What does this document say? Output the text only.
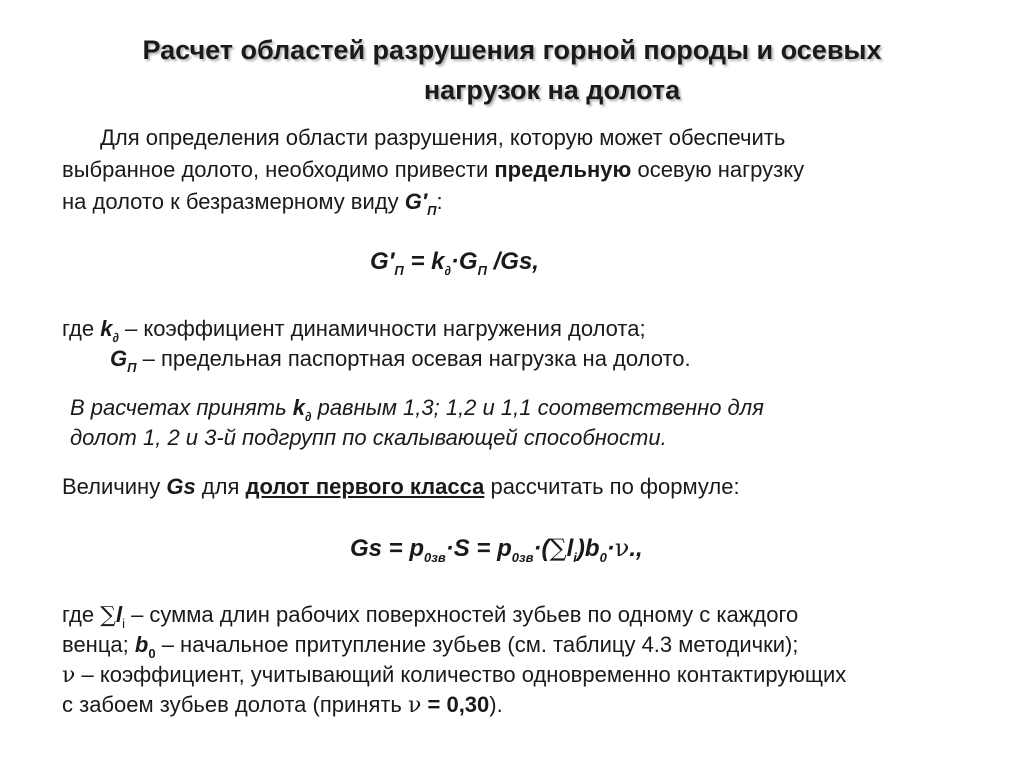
Расчет областей разрушения горной породы и осевых

нагрузок на долота
Для определения области разрушения, которую может обеспечить
выбранное долото, необходимо привести предельную осевую нагрузку
на долото к безразмерному виду $G'_П$:
$G'_П = k_\partial\cdot G_П$ /Gs,
где $k_\partial$ – коэффициент динамичности нагружения долота;
$G_П$ – предельная паспортная осевая нагрузка на долото.
В расчетах принять $k_\partial$ равным 1,3; 1,2 и 1,1 соответственно для
долот 1, 2 и 3-й подгрупп по скалывающей способности.
Величину Gs для долот первого класса рассчитать по формуле:
$Gs = p_{0зв}\cdot S = p_{0зв}\cdot(\sum l_i)b_0\cdot\nu$.,
где $\sum l_i$ – сумма длин рабочих поверхностей зубьев по одному с каждого
венца; $b_0$ – начальное притупление зубьев (см. таблицу 4.3 методички);
ν – коэффициент, учитывающий количество одновременно контактирующих
с забоем зубьев долота (принять ν = 0,30).
